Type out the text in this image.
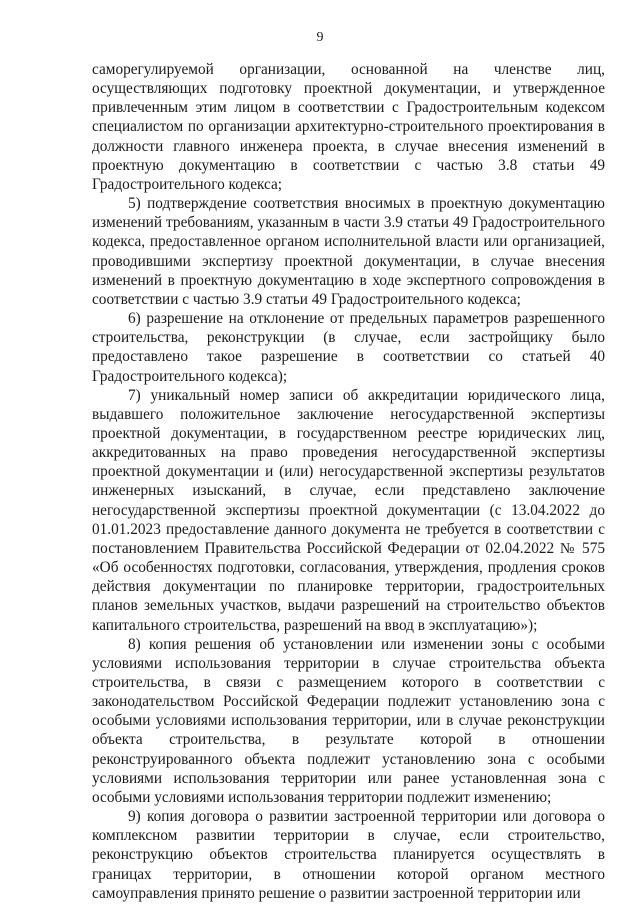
9

саморегулируемой организации, основанной на членстве лиц, осуществляющих подготовку проектной документации, и утвержденное привлеченным этим лицом в соответствии с Градостроительным кодексом специалистом по организации архитектурно-строительного проектирования в должности главного инженера проекта, в случае внесения изменений в проектную документацию в соответствии с частью 3.8 статьи 49 Градостроительного кодекса;

5) подтверждение соответствия вносимых в проектную документацию изменений требованиям, указанным в части 3.9 статьи 49 Градостроительного кодекса, предоставленное органом исполнительной власти или организацией, проводившими экспертизу проектной документации, в случае внесения изменений в проектную документацию в ходе экспертного сопровождения в соответствии с частью 3.9 статьи 49 Градостроительного кодекса;

6) разрешение на отклонение от предельных параметров разрешенного строительства, реконструкции (в случае, если застройщику было предоставлено такое разрешение в соответствии со статьей 40 Градостроительного кодекса);

7) уникальный номер записи об аккредитации юридического лица, выдавшего положительное заключение негосударственной экспертизы проектной документации, в государственном реестре юридических лиц, аккредитованных на право проведения негосударственной экспертизы проектной документации и (или) негосударственной экспертизы результатов инженерных изысканий, в случае, если представлено заключение негосударственной экспертизы проектной документации (с 13.04.2022 до 01.01.2023 предоставление данного документа не требуется в соответствии с постановлением Правительства Российской Федерации от 02.04.2022 № 575 «Об особенностях подготовки, согласования, утверждения, продления сроков действия документации по планировке территории, градостроительных планов земельных участков, выдачи разрешений на строительство объектов капитального строительства, разрешений на ввод в эксплуатацию»);

8) копия решения об установлении или изменении зоны с особыми условиями использования территории в случае строительства объекта строительства, в связи с размещением которого в соответствии с законодательством Российской Федерации подлежит установлению зона с особыми условиями использования территории, или в случае реконструкции объекта строительства, в результате которой в отношении реконструированного объекта подлежит установлению зона с особыми условиями использования территории или ранее установленная зона с особыми условиями использования территории подлежит изменению;

9) копия договора о развитии застроенной территории или договора о комплексном развитии территории в случае, если строительство, реконструкцию объектов строительства планируется осуществлять в границах территории, в отношении которой органом местного самоуправления принято решение о развитии застроенной территории или
